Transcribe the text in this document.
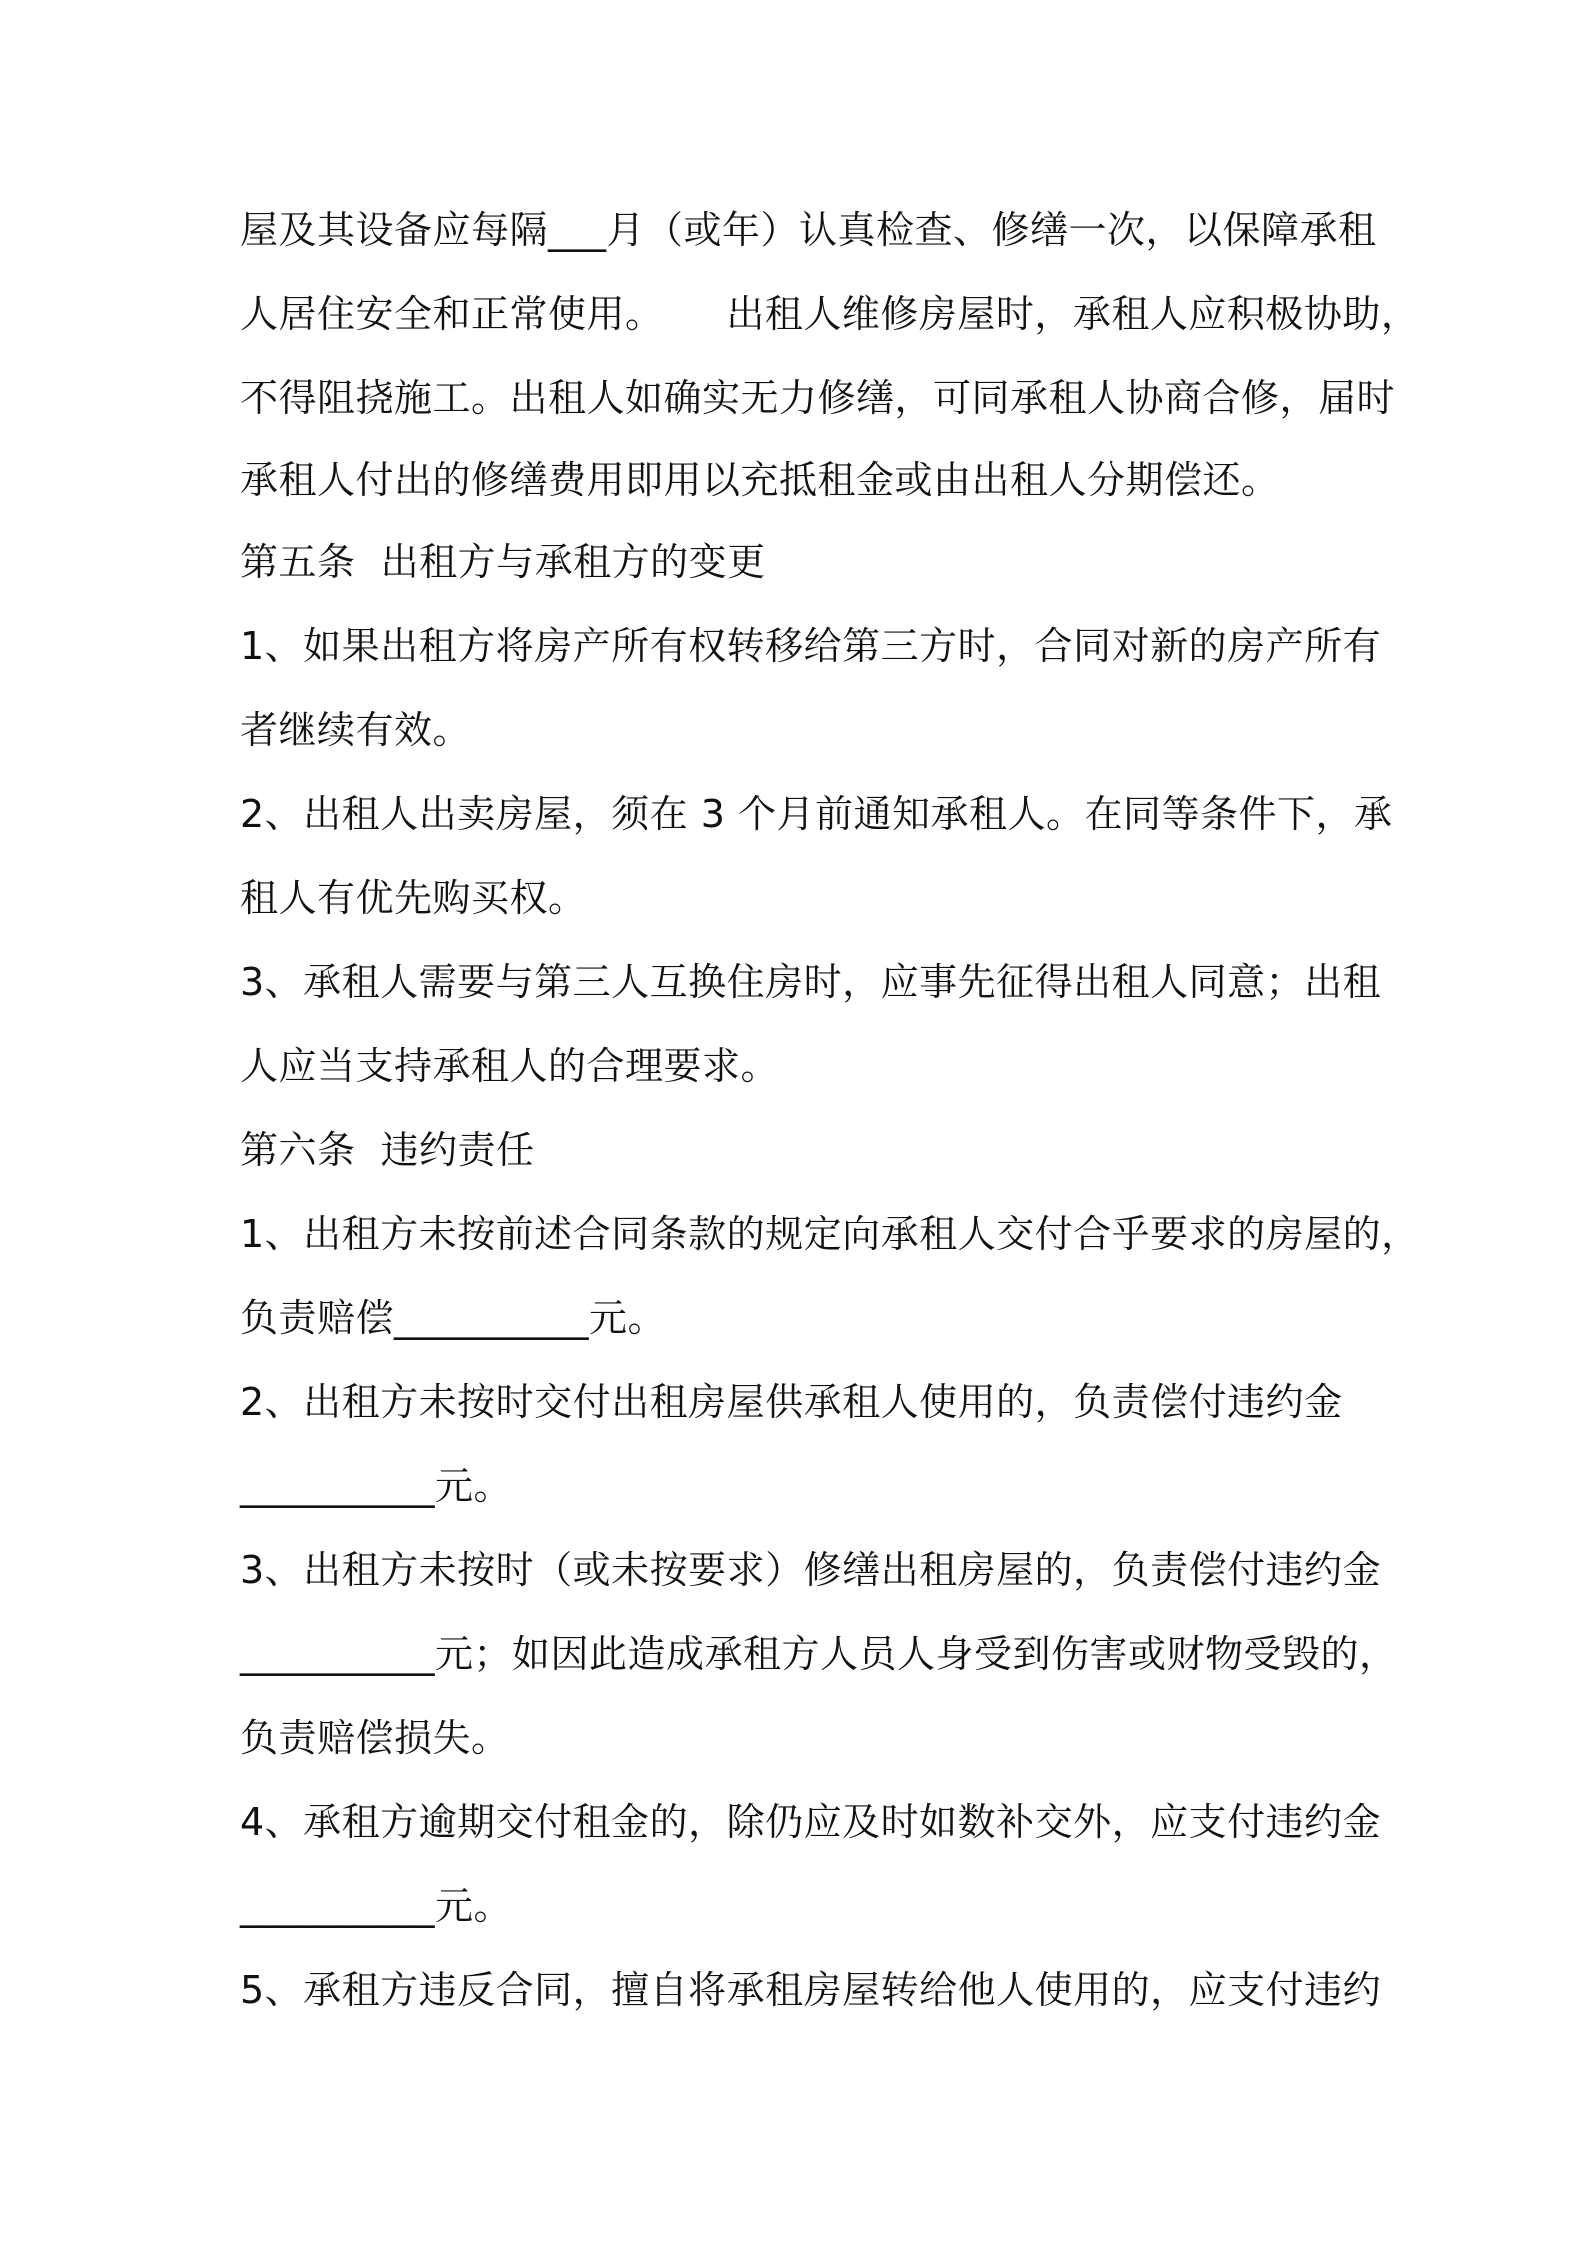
屋及其设备应每隔___月（或年）认真检查、修缮一次，以保障承租

人居住安全和正常使用。     出租人维修房屋时，承租人应积极协助，

不得阻挠施工。出租人如确实无力修缮，可同承租人协商合修，届时

承租人付出的修缮费用即用以充抵租金或由出租人分期偿还。

第五条  出租方与承租方的变更

1、如果出租方将房产所有权转移给第三方时，合同对新的房产所有

者继续有效。

2、出租人出卖房屋，须在 3 个月前通知承租人。在同等条件下，承

租人有优先购买权。

3、承租人需要与第三人互换住房时，应事先征得出租人同意；出租

人应当支持承租人的合理要求。

第六条  违约责任

1、出租方未按前述合同条款的规定向承租人交付合乎要求的房屋的，

负责赔偿__________元。

2、出租方未按时交付出租房屋供承租人使用的，负责偿付违约金

__________元。

3、出租方未按时（或未按要求）修缮出租房屋的，负责偿付违约金

__________元；如因此造成承租方人员人身受到伤害或财物受毁的，

负责赔偿损失。

4、承租方逾期交付租金的，除仍应及时如数补交外，应支付违约金

__________元。

5、承租方违反合同，擅自将承租房屋转给他人使用的，应支付违约
